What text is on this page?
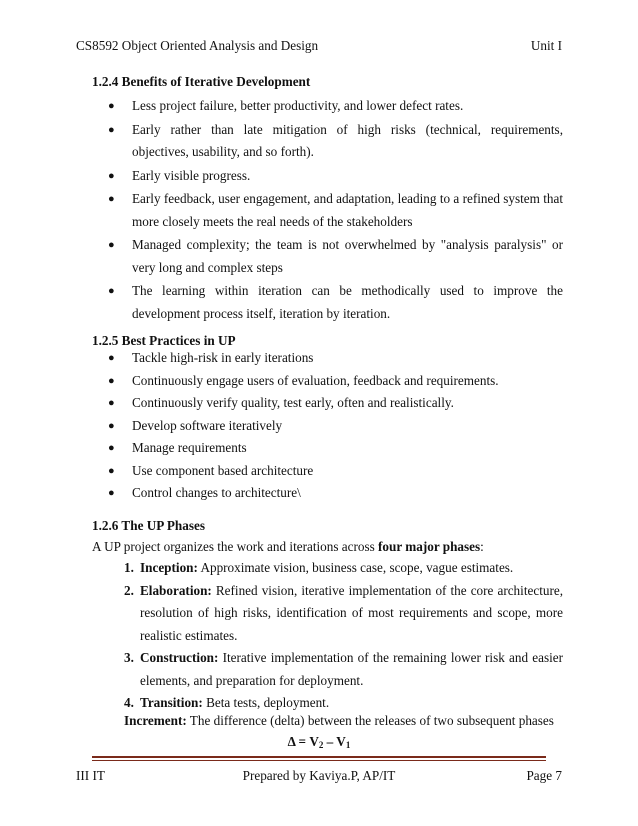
CS8592 Object Oriented Analysis and Design	Unit I
1.2.4 Benefits of Iterative Development
● Less project failure, better productivity, and lower defect rates.
● Early rather than late mitigation of high risks (technical, requirements, objectives, usability, and so forth).
● Early visible progress.
● Early feedback, user engagement, and adaptation, leading to a refined system that more closely meets the real needs of the stakeholders
● Managed complexity; the team is not overwhelmed by "analysis paralysis" or very long and complex steps
● The learning within iteration can be methodically used to improve the development process itself, iteration by iteration.
1.2.5 Best Practices in UP
● Tackle high-risk in early iterations
● Continuously engage users of evaluation, feedback and requirements.
● Continuously verify quality, test early, often and realistically.
● Develop software iteratively
● Manage requirements
● Use component based architecture
● Control changes to architecture\
1.2.6 The UP Phases
A UP project organizes the work and iterations across four major phases:
1. Inception: Approximate vision, business case, scope, vague estimates.
2. Elaboration: Refined vision, iterative implementation of the core architecture, resolution of high risks, identification of most requirements and scope, more realistic estimates.
3. Construction: Iterative implementation of the remaining lower risk and easier elements, and preparation for deployment.
4. Transition: Beta tests, deployment.
Increment: The difference (delta) between the releases of two subsequent phases
$\Delta = V_2 - V_1$
III IT	Prepared by Kaviya.P, AP/IT	Page 7
